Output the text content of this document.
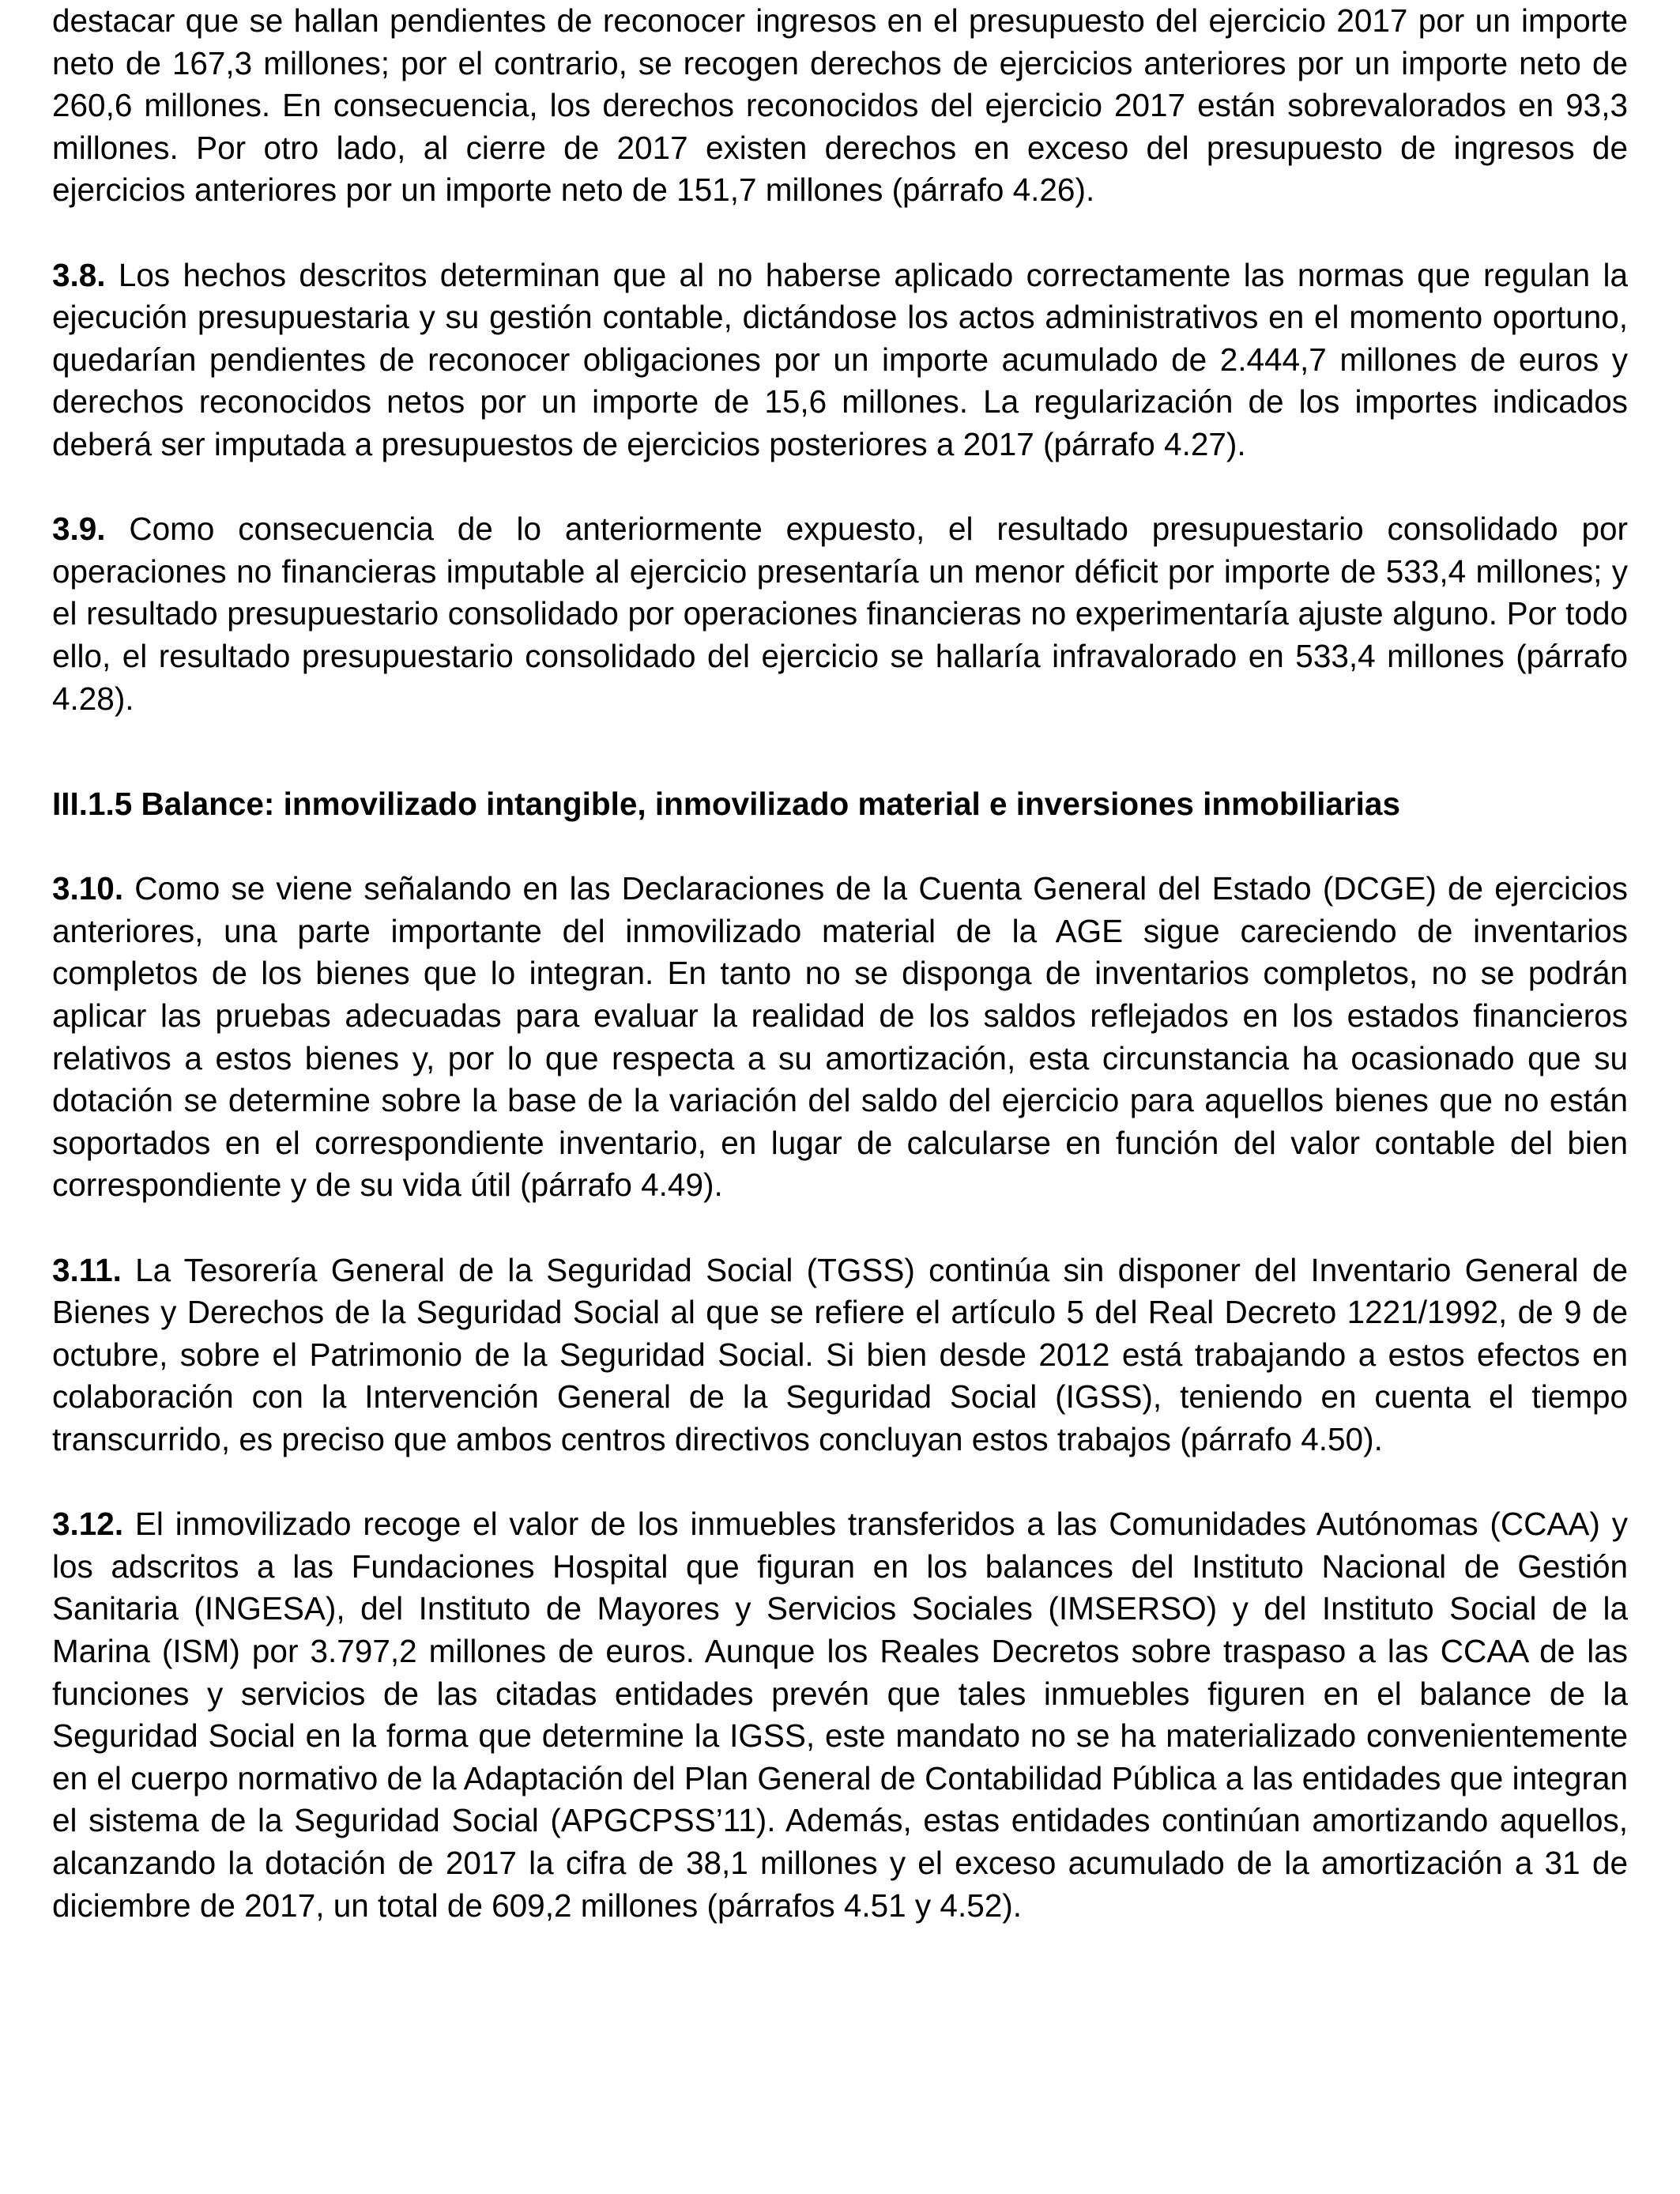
destacar que se hallan pendientes de reconocer ingresos en el presupuesto del ejercicio 2017 por un importe neto de 167,3 millones; por el contrario, se recogen derechos de ejercicios anteriores por un importe neto de 260,6 millones. En consecuencia, los derechos reconocidos del ejercicio 2017 están sobrevalorados en 93,3 millones. Por otro lado, al cierre de 2017 existen derechos en exceso del presupuesto de ingresos de ejercicios anteriores por un importe neto de 151,7 millones (párrafo 4.26).

3.8. Los hechos descritos determinan que al no haberse aplicado correctamente las normas que regulan la ejecución presupuestaria y su gestión contable, dictándose los actos administrativos en el momento oportuno, quedarían pendientes de reconocer obligaciones por un importe acumulado de 2.444,7 millones de euros y derechos reconocidos netos por un importe de 15,6 millones. La regularización de los importes indicados deberá ser imputada a presupuestos de ejercicios posteriores a 2017 (párrafo 4.27).

3.9. Como consecuencia de lo anteriormente expuesto, el resultado presupuestario consolidado por operaciones no financieras imputable al ejercicio presentaría un menor déficit por importe de 533,4 millones; y el resultado presupuestario consolidado por operaciones financieras no experimentaría ajuste alguno. Por todo ello, el resultado presupuestario consolidado del ejercicio se hallaría infravalorado en 533,4 millones (párrafo 4.28).

III.1.5 Balance: inmovilizado intangible, inmovilizado material e inversiones inmobiliarias

3.10. Como se viene señalando en las Declaraciones de la Cuenta General del Estado (DCGE) de ejercicios anteriores, una parte importante del inmovilizado material de la AGE sigue careciendo de inventarios completos de los bienes que lo integran. En tanto no se disponga de inventarios completos, no se podrán aplicar las pruebas adecuadas para evaluar la realidad de los saldos reflejados en los estados financieros relativos a estos bienes y, por lo que respecta a su amortización, esta circunstancia ha ocasionado que su dotación se determine sobre la base de la variación del saldo del ejercicio para aquellos bienes que no están soportados en el correspondiente inventario, en lugar de calcularse en función del valor contable del bien correspondiente y de su vida útil (párrafo 4.49).

3.11. La Tesorería General de la Seguridad Social (TGSS) continúa sin disponer del Inventario General de Bienes y Derechos de la Seguridad Social al que se refiere el artículo 5 del Real Decreto 1221/1992, de 9 de octubre, sobre el Patrimonio de la Seguridad Social. Si bien desde 2012 está trabajando a estos efectos en colaboración con la Intervención General de la Seguridad Social (IGSS), teniendo en cuenta el tiempo transcurrido, es preciso que ambos centros directivos concluyan estos trabajos (párrafo 4.50).

3.12. El inmovilizado recoge el valor de los inmuebles transferidos a las Comunidades Autónomas (CCAA) y los adscritos a las Fundaciones Hospital que figuran en los balances del Instituto Nacional de Gestión Sanitaria (INGESA), del Instituto de Mayores y Servicios Sociales (IMSERSO) y del Instituto Social de la Marina (ISM) por 3.797,2 millones de euros. Aunque los Reales Decretos sobre traspaso a las CCAA de las funciones y servicios de las citadas entidades prevén que tales inmuebles figuren en el balance de la Seguridad Social en la forma que determine la IGSS, este mandato no se ha materializado convenientemente en el cuerpo normativo de la Adaptación del Plan General de Contabilidad Pública a las entidades que integran el sistema de la Seguridad Social (APGCPSS’11). Además, estas entidades continúan amortizando aquellos, alcanzando la dotación de 2017 la cifra de 38,1 millones y el exceso acumulado de la amortización a 31 de diciembre de 2017, un total de 609,2 millones (párrafos 4.51 y 4.52).
